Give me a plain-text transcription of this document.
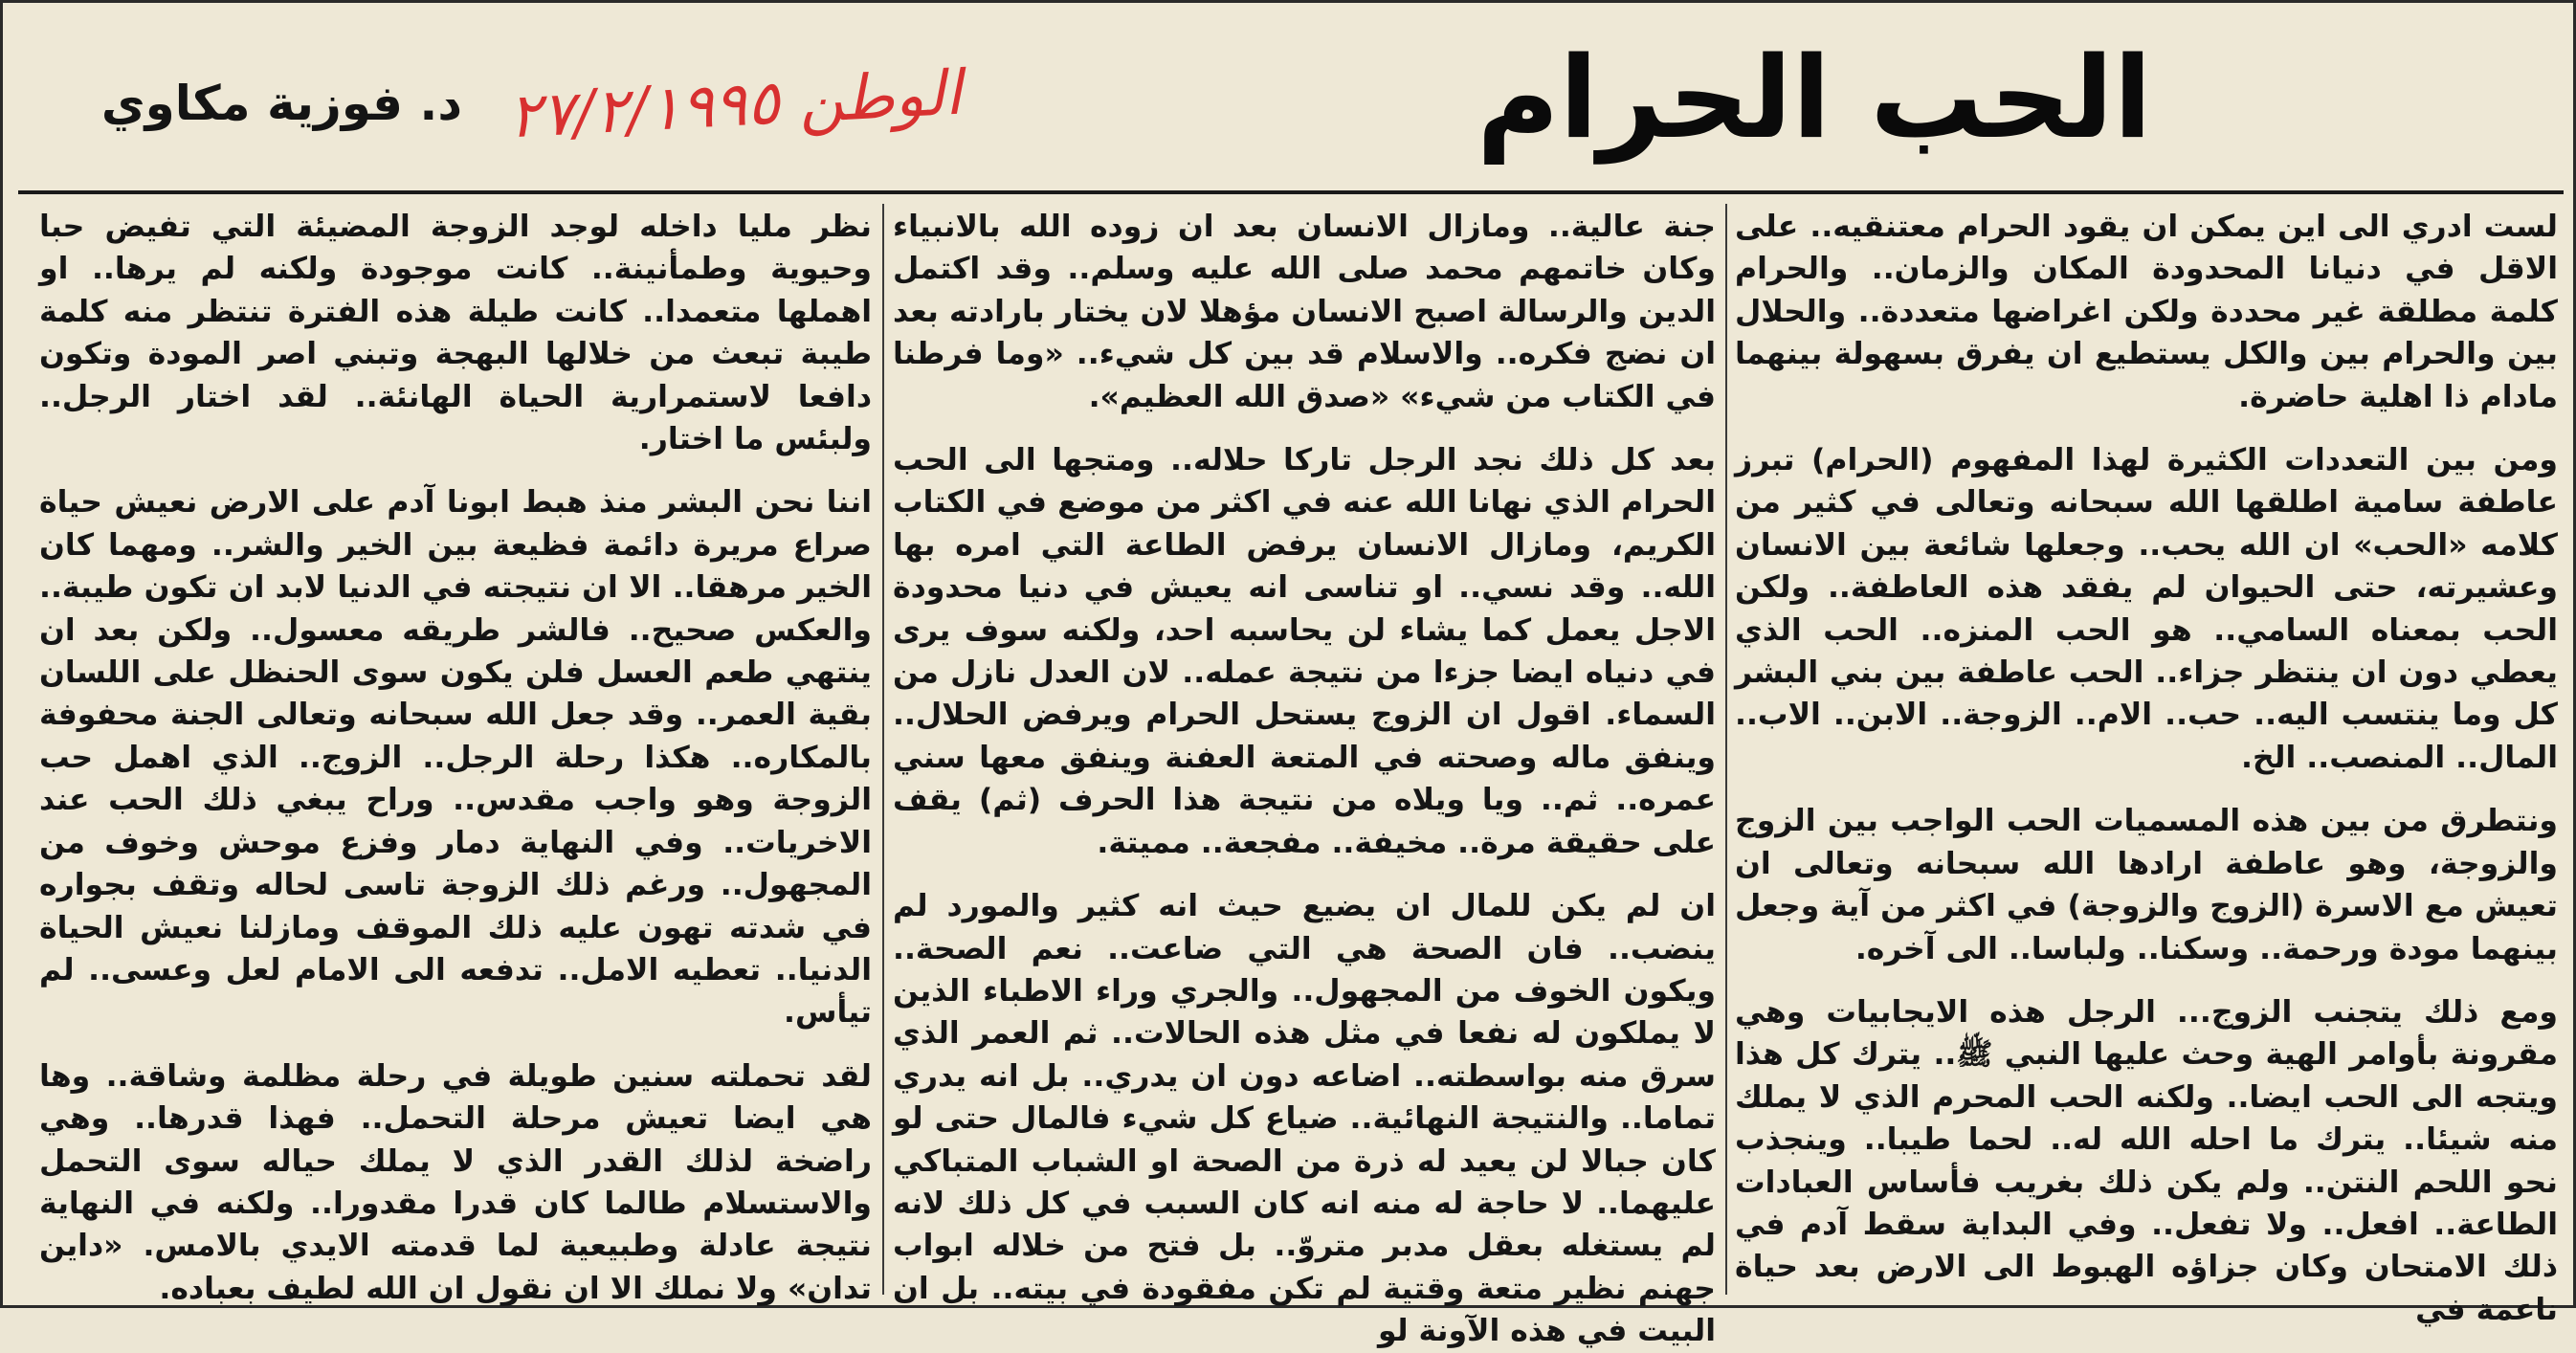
الحب الحرام
الوطن ٢٧/٢/١٩٩٥
د. فوزية مكاوي

لست ادري الى اين يمكن ان يقود الحرام معتنقيه.. على الاقل في دنيانا المحدودة المكان والزمان.. والحرام كلمة مطلقة غير محددة ولكن اغراضها متعددة.. والحلال بين والحرام بين والكل يستطيع ان يفرق بسهولة بينهما مادام ذا اهلية حاضرة.

ومن بين التعددات الكثيرة لهذا المفهوم (الحرام) تبرز عاطفة سامية اطلقها الله سبحانه وتعالى في كثير من كلامه «الحب» ان الله يحب.. وجعلها شائعة بين الانسان وعشيرته، حتى الحيوان لم يفقد هذه العاطفة.. ولكن الحب بمعناه السامي.. هو الحب المنزه.. الحب الذي يعطي دون ان ينتظر جزاء.. الحب عاطفة بين بني البشر كل وما ينتسب اليه.. حب.. الام.. الزوجة.. الابن.. الاب.. المال.. المنصب.. الخ.

ونتطرق من بين هذه المسميات الحب الواجب بين الزوج والزوجة، وهو عاطفة ارادها الله سبحانه وتعالى ان تعيش مع الاسرة (الزوج والزوجة) في اكثر من آية وجعل بينهما مودة ورحمة.. وسكنا.. ولباسا.. الى آخره.

ومع ذلك يتجنب الزوج... الرجل هذه الايجابيات وهي مقرونة بأوامر الهية وحث عليها النبي ﷺ.. يترك كل هذا ويتجه الى الحب ايضا.. ولكنه الحب المحرم الذي لا يملك منه شيئا.. يترك ما احله الله له.. لحما طيبا.. وينجذب نحو اللحم النتن.. ولم يكن ذلك بغريب فأساس العبادات الطاعة.. افعل.. ولا تفعل.. وفي البداية سقط آدم في ذلك الامتحان وكان جزاؤه الهبوط الى الارض بعد حياة ناعمة في

جنة عالية.. ومازال الانسان بعد ان زوده الله بالانبياء وكان خاتمهم محمد صلى الله عليه وسلم.. وقد اكتمل الدين والرسالة اصبح الانسان مؤهلا لان يختار بارادته بعد ان نضج فكره.. والاسلام قد بين كل شيء.. «وما فرطنا في الكتاب من شيء» «صدق الله العظيم».

بعد كل ذلك نجد الرجل تاركا حلاله.. ومتجها الى الحب الحرام الذي نهانا الله عنه في اكثر من موضع في الكتاب الكريم، ومازال الانسان يرفض الطاعة التي امره بها الله.. وقد نسي.. او تناسى انه يعيش في دنيا محدودة الاجل يعمل كما يشاء لن يحاسبه احد، ولكنه سوف يرى في دنياه ايضا جزءا من نتيجة عمله.. لان العدل نازل من السماء. اقول ان الزوج يستحل الحرام ويرفض الحلال.. وينفق ماله وصحته في المتعة العفنة وينفق معها سني عمره.. ثم.. ويا ويلاه من نتيجة هذا الحرف (ثم) يقف على حقيقة مرة.. مخيفة.. مفجعة.. مميتة.

ان لم يكن للمال ان يضيع حيث انه كثير والمورد لم ينضب.. فان الصحة هي التي ضاعت.. نعم الصحة.. ويكون الخوف من المجهول.. والجري وراء الاطباء الذين لا يملكون له نفعا في مثل هذه الحالات.. ثم العمر الذي سرق منه بواسطته.. اضاعه دون ان يدري.. بل انه يدري تماما.. والنتيجة النهائية.. ضياع كل شيء فالمال حتى لو كان جبالا لن يعيد له ذرة من الصحة او الشباب المتباكي عليهما.. لا حاجة له منه انه كان السبب في كل ذلك لانه لم يستغله بعقل مدبر متروّ.. بل فتح من خلاله ابواب جهنم نظير متعة وقتية لم تكن مفقودة في بيته.. بل ان البيت في هذه الآونة لو

نظر مليا داخله لوجد الزوجة المضيئة التي تفيض حبا وحيوية وطمأنينة.. كانت موجودة ولكنه لم يرها.. او اهملها متعمدا.. كانت طيلة هذه الفترة تنتظر منه كلمة طيبة تبعث من خلالها البهجة وتبني اصر المودة وتكون دافعا لاستمرارية الحياة الهانئة.. لقد اختار الرجل.. ولبئس ما اختار.

اننا نحن البشر منذ هبط ابونا آدم على الارض نعيش حياة صراع مريرة دائمة فظيعة بين الخير والشر.. ومهما كان الخير مرهقا.. الا ان نتيجته في الدنيا لابد ان تكون طيبة.. والعكس صحيح.. فالشر طريقه معسول.. ولكن بعد ان ينتهي طعم العسل فلن يكون سوى الحنظل على اللسان بقية العمر.. وقد جعل الله سبحانه وتعالى الجنة محفوفة بالمكاره.. هكذا رحلة الرجل.. الزوج.. الذي اهمل حب الزوجة وهو واجب مقدس.. وراح يبغي ذلك الحب عند الاخريات.. وفي النهاية دمار وفزع موحش وخوف من المجهول.. ورغم ذلك الزوجة تاسى لحاله وتقف بجواره في شدته تهون عليه ذلك الموقف ومازلنا نعيش الحياة الدنيا.. تعطيه الامل.. تدفعه الى الامام لعل وعسى.. لم تيأس.

لقد تحملته سنين طويلة في رحلة مظلمة وشاقة.. وها هي ايضا تعيش مرحلة التحمل.. فهذا قدرها.. وهي راضخة لذلك القدر الذي لا يملك حياله سوى التحمل والاستسلام طالما كان قدرا مقدورا.. ولكنه في النهاية نتيجة عادلة وطبيعية لما قدمته الايدي بالامس. «داين تدان» ولا نملك الا ان نقول ان الله لطيف بعباده.
